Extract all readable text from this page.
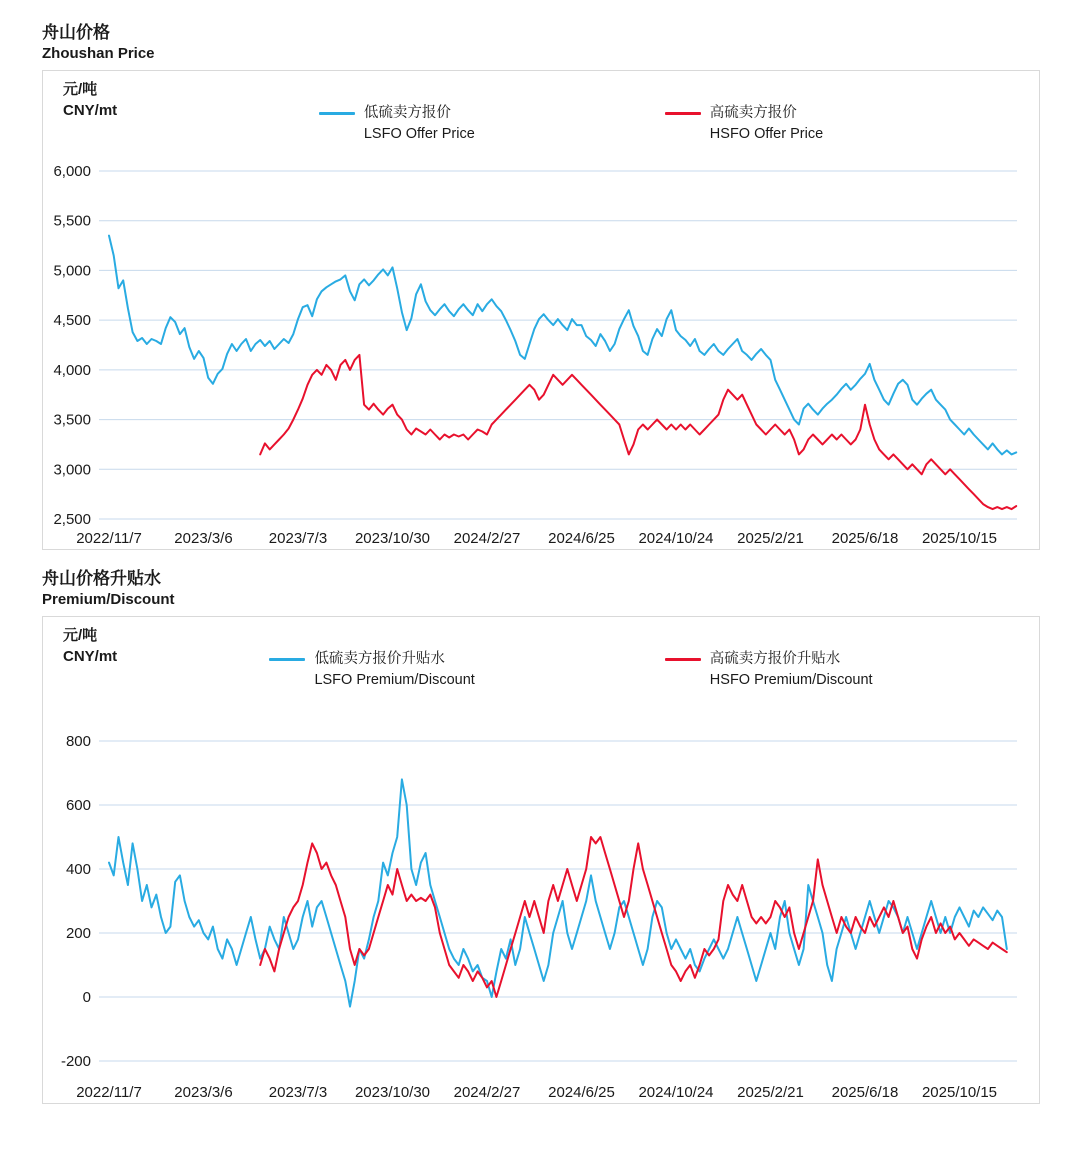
舟山价格
Zhoushan Price
元/吨
CNY/mt	低硫卖方报价
LSFO Offer Price
高硫卖方报价
HSFO Offer Price
6,000
5,500
5,000
4,500
4,000
3,500
3,000
2,500
2022/11/7 2023/3/6 2023/7/3 2023/10/30 2024/2/27 2024/6/25 2024/10/24 2025/2/21 2025/6/18 2025/10/15
舟山价格升贴水
Premium/Discount
元/吨
CNY/mt	低硫卖方报价升贴水
LSFO Premium/Discount
高硫卖方报价升贴水
HSFO Premium/Discount
800
600
400
200
0
-200
2022/11/7 2023/3/6 2023/7/3 2023/10/30 2024/2/27 2024/6/25 2024/10/24 2025/2/21 2025/6/18 2025/10/15
